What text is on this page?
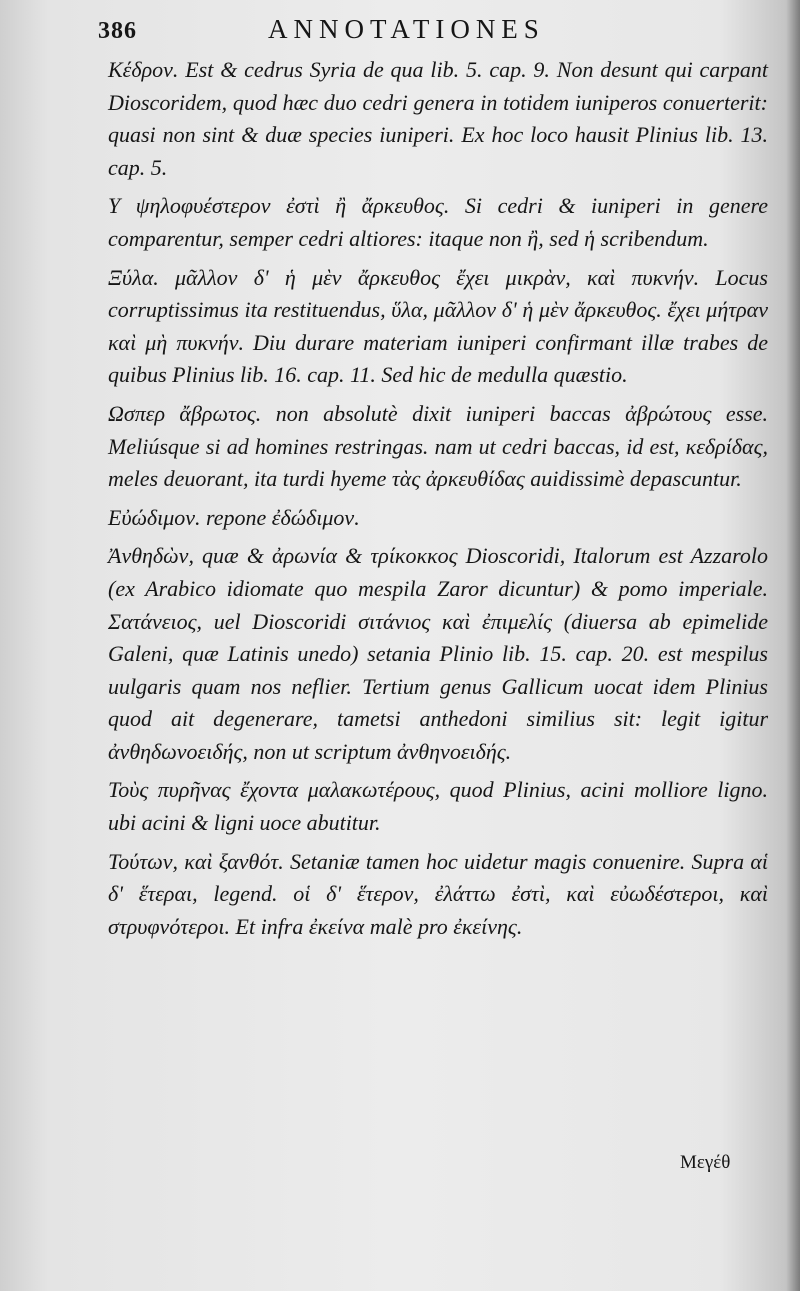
386	ANNOTATIONES

Κέδρον. Est & cedrus Syria de qua lib. 5. cap. 9. Non desunt qui carpant Dioscoridem, quod hæc duo cedri genera in totidem iuniperos conuerterit: quasi non sint & duæ species iuniperi. Ex hoc loco hausit Plinius lib. 13. cap. 5.

Υ ψηλοφυέστερον ἐστὶ ἢ ἄρκευθος. Si cedri & iuniperi in genere comparentur, semper cedri altiores: itaque non ἢ, sed ἡ scribendum.

Ξύλα. μᾶλλον δ' ἡ μὲν ἄρκευθος ἔχει μικρὰν, καὶ πυκνήν. Locus corruptissimus ita restituendus, ὕλα, μᾶλλον δ' ἡ μὲν ἄρκευθος. ἔχει μήτραν καὶ μὴ πυκνήν. Diu durare materiam iuniperi confirmant illæ trabes de quibus Plinius lib. 16. cap. 11. Sed hic de medulla quæstio.

Ωσπερ ἄβρωτος. non absolutè dixit iuniperi baccas ἀβρώτους esse. Meliúsque si ad homines restringas. nam ut cedri baccas, id est, κεδρίδας, meles deuorant, ita turdi hyeme τὰς ἀρκευθίδας auidissimè depascuntur.

Εὐώδιμον. repone ἐδώδιμον.

Ἀνθηδὼν, quæ & ἀρωνία & τρίκοκκος Dioscoridi, Italorum est Azzarolo (ex Arabico idiomate quo mespila Zaror dicuntur) & pomo imperiale. Σατάνειος, uel Dioscoridi σιτάνιος καὶ ἐπιμελίς (diuersa ab epimelide Galeni, quæ Latinis unedo) setania Plinio lib. 15. cap. 20. est mespilus uulgaris quam nos neflier. Tertium genus Gallicum uocat idem Plinius quod ait degenerare, tametsi anthedoni similius sit: legit igitur ἀνθηδωνοειδής, non ut scriptum ἀνθηνοειδής.

Τοὺς πυρῆνας ἔχοντα μαλακωτέρους, quod Plinius, acini molliore ligno. ubi acini & ligni uoce abutitur.

Τούτων, καὶ ξανθότ. Setaniæ tamen hoc uidetur magis conuenire. Supra αἱ δ' ἕτεραι, legend. οἱ δ' ἕτερον, ἐλάττω ἐστὶ, καὶ εὐωδέστεροι, καὶ στρυφνότεροι. Et infra ἐκείνα malè pro ἐκείνης.

Μεγέθ
